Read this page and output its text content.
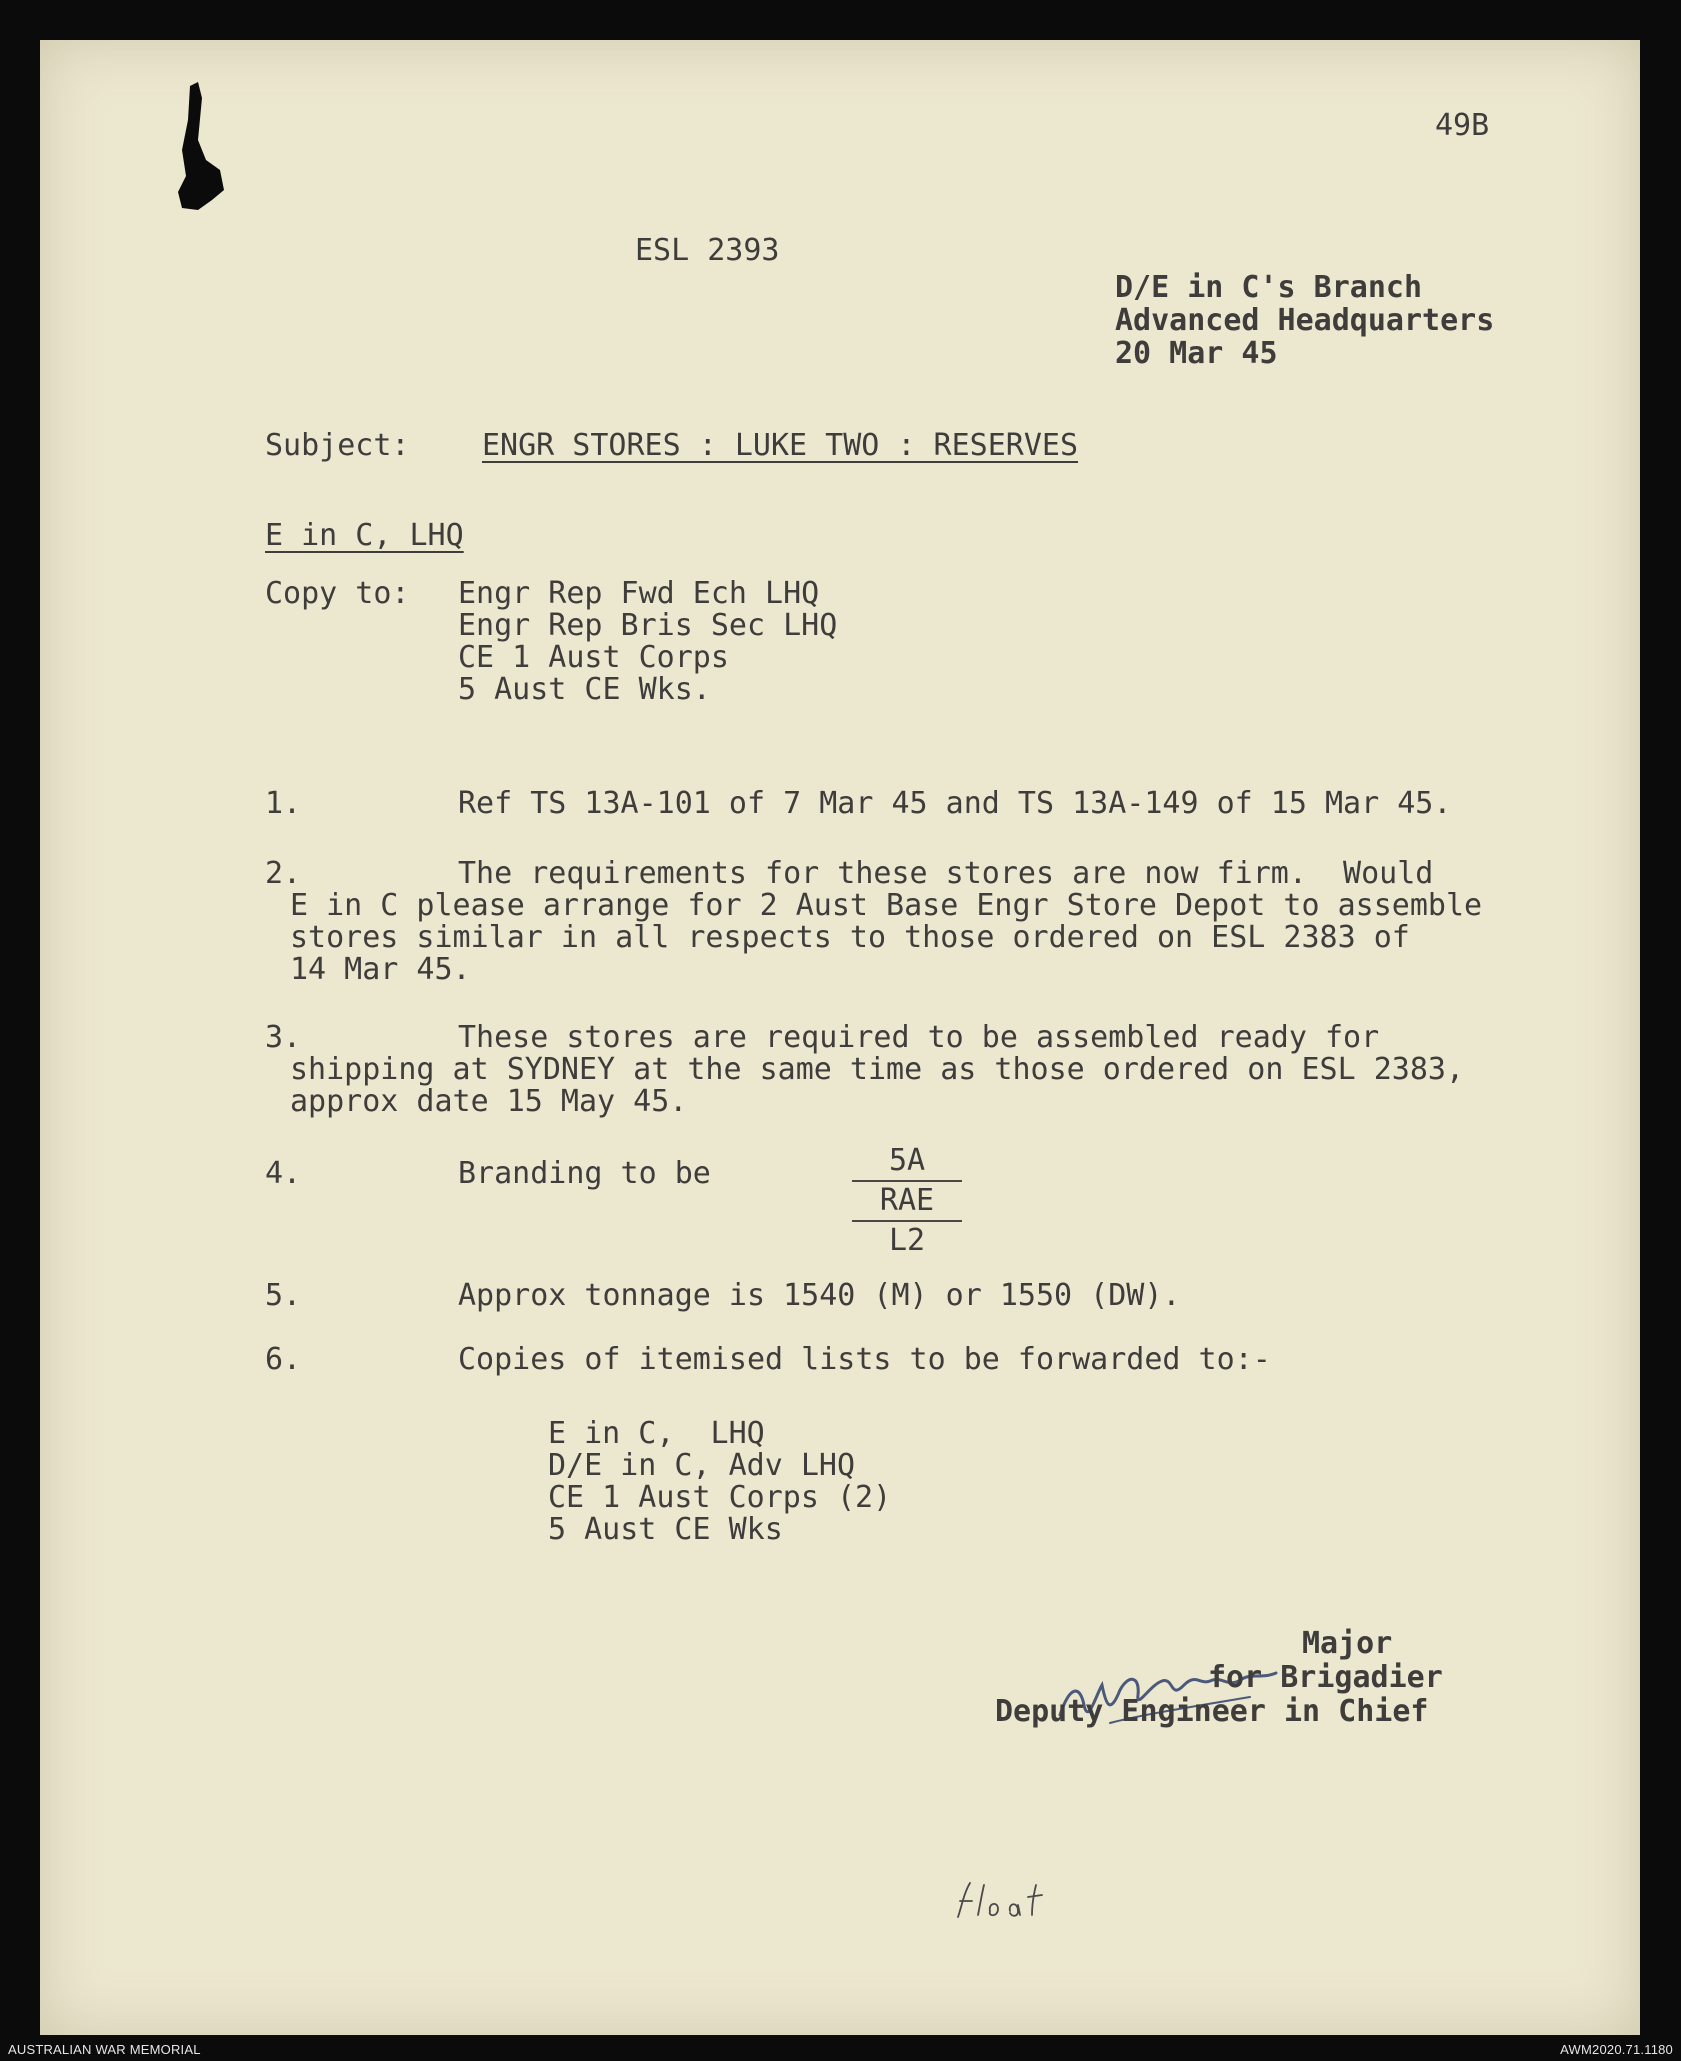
49B
ESL 2393
D/E in C's Branch
Advanced Headquarters
20 Mar 45
Subject: ENGR STORES : LUKE TWO : RESERVES
E in C, LHQ
Copy to: Engr Rep Fwd Ech LHQ
Engr Rep Bris Sec LHQ
CE 1 Aust Corps
5 Aust CE Wks.
1.	Ref TS 13A-101 of 7 Mar 45 and TS 13A-149 of 15 Mar 45.
2.	The requirements for these stores are now firm.  Would
E in C please arrange for 2 Aust Base Engr Store Depot to assemble
stores similar in all respects to those ordered on ESL 2383 of
14 Mar 45.
3.	These stores are required to be assembled ready for
shipping at SYDNEY at the same time as those ordered on ESL 2383,
approx date 15 May 45.
4.	Branding to be	5A
RAE
L2
5.	Approx tonnage is 1540 (M) or 1550 (DW).
6.	Copies of itemised lists to be forwarded to:-
E in C,  LHQ
D/E in C, Adv LHQ
CE 1 Aust Corps (2)
5 Aust CE Wks
Major
for Brigadier
Deputy Engineer in Chief
AUSTRALIAN WAR MEMORIAL	AWM2020.71.1180
